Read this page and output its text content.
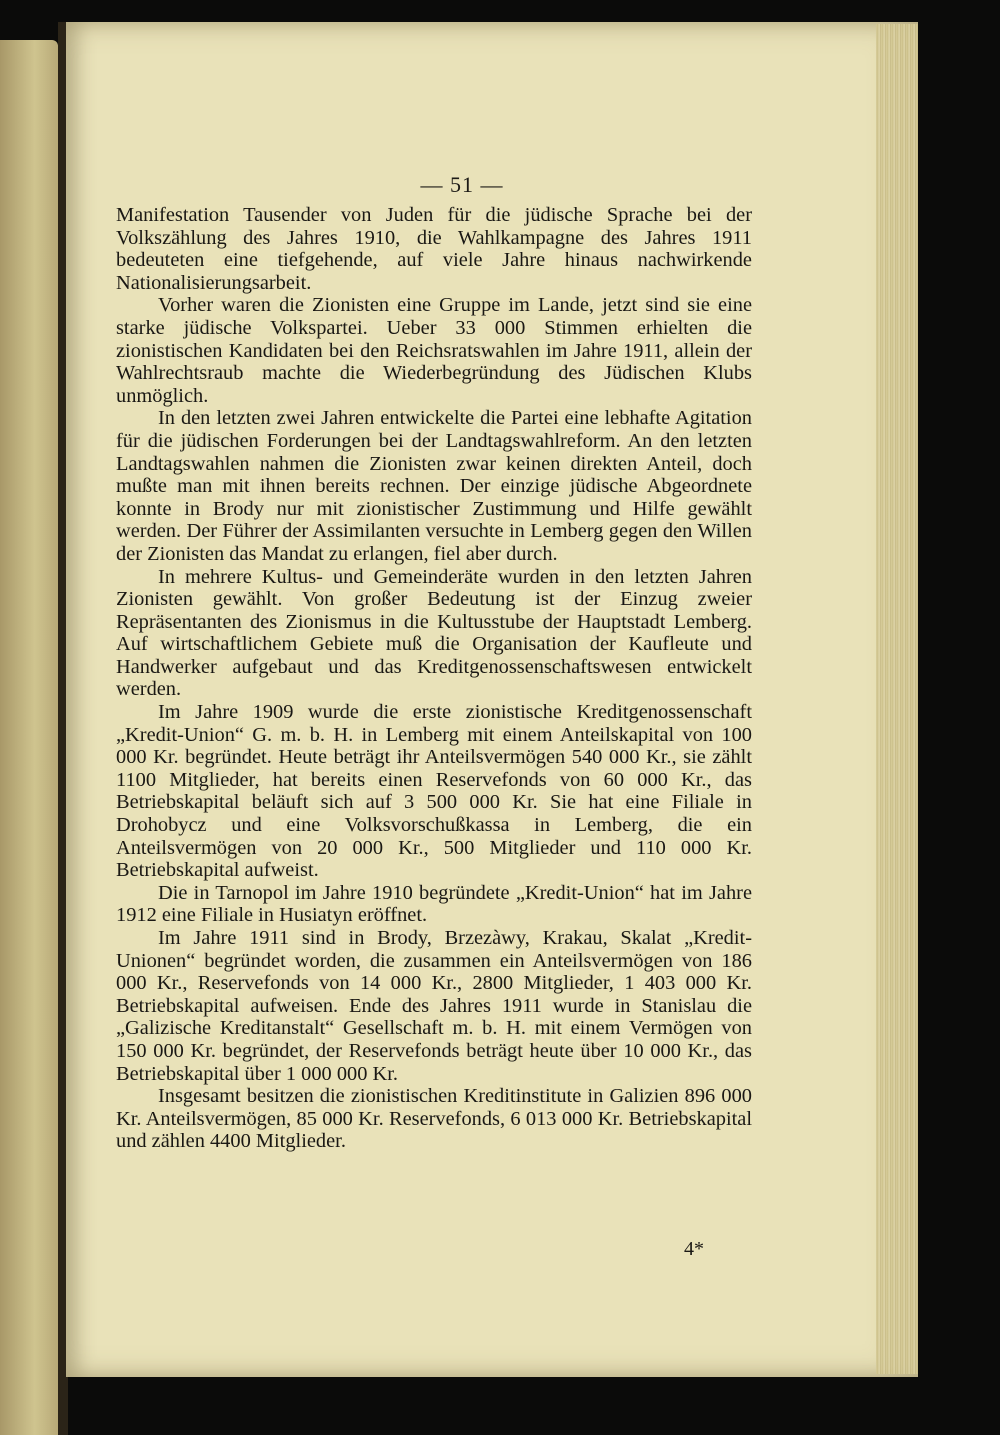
— 51 —

Manifestation Tausender von Juden für die jüdische Sprache bei der Volkszählung des Jahres 1910, die Wahlkampagne des Jahres 1911 bedeuteten eine tiefgehende, auf viele Jahre hinaus nachwirkende Nationalisierungsarbeit.

Vorher waren die Zionisten eine Gruppe im Lande, jetzt sind sie eine starke jüdische Volkspartei. Ueber 33 000 Stimmen erhielten die zionistischen Kandidaten bei den Reichsratswahlen im Jahre 1911, allein der Wahlrechtsraub machte die Wiederbegründung des Jüdischen Klubs unmöglich.

In den letzten zwei Jahren entwickelte die Partei eine lebhafte Agitation für die jüdischen Forderungen bei der Landtagswahlreform. An den letzten Landtagswahlen nahmen die Zionisten zwar keinen direkten Anteil, doch mußte man mit ihnen bereits rechnen. Der einzige jüdische Abgeordnete konnte in Brody nur mit zionistischer Zustimmung und Hilfe gewählt werden. Der Führer der Assimilanten versuchte in Lemberg gegen den Willen der Zionisten das Mandat zu erlangen, fiel aber durch.

In mehrere Kultus- und Gemeinderäte wurden in den letzten Jahren Zionisten gewählt. Von großer Bedeutung ist der Einzug zweier Repräsentanten des Zionismus in die Kultusstube der Hauptstadt Lemberg. Auf wirtschaftlichem Gebiete muß die Organisation der Kaufleute und Handwerker aufgebaut und das Kreditgenossenschaftswesen entwickelt werden.

Im Jahre 1909 wurde die erste zionistische Kreditgenossenschaft „Kredit-Union“ G. m. b. H. in Lemberg mit einem Anteilskapital von 100 000 Kr. begründet. Heute beträgt ihr Anteilsvermögen 540 000 Kr., sie zählt 1100 Mitglieder, hat bereits einen Reservefonds von 60 000 Kr., das Betriebskapital beläuft sich auf 3 500 000 Kr. Sie hat eine Filiale in Drohobycz und eine Volksvorschußkassa in Lemberg, die ein Anteilsvermögen von 20 000 Kr., 500 Mitglieder und 110 000 Kr. Betriebskapital aufweist.

Die in Tarnopol im Jahre 1910 begründete „Kredit-Union“ hat im Jahre 1912 eine Filiale in Husiatyn eröffnet.

Im Jahre 1911 sind in Brody, Brzezàwy, Krakau, Skalat „Kredit-Unionen“ begründet worden, die zusammen ein Anteilsvermögen von 186 000 Kr., Reservefonds von 14 000 Kr., 2800 Mitglieder, 1 403 000 Kr. Betriebskapital aufweisen. Ende des Jahres 1911 wurde in Stanislau die „Galizische Kreditanstalt“ Gesellschaft m. b. H. mit einem Vermögen von 150 000 Kr. begründet, der Reservefonds beträgt heute über 10 000 Kr., das Betriebskapital über 1 000 000 Kr.

Insgesamt besitzen die zionistischen Kreditinstitute in Galizien 896 000 Kr. Anteilsvermögen, 85 000 Kr. Reservefonds, 6 013 000 Kr. Betriebskapital und zählen 4400 Mitglieder.

4*
